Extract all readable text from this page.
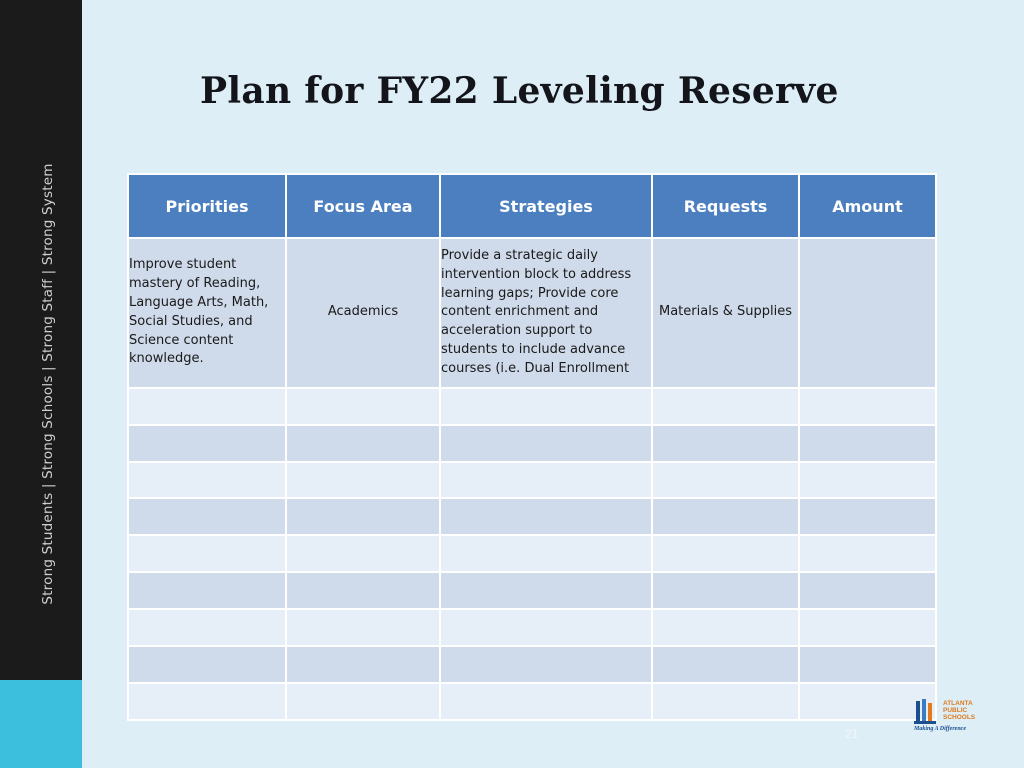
Strong Students | Strong Schools | Strong Staff | Strong System
Plan for FY22 Leveling Reserve
Priorities	Focus Area	Strategies	Requests	Amount
Improve student mastery of Reading, Language Arts, Math, Social Studies, and Science content knowledge.	Academics	Provide a strategic daily intervention block to address learning gaps; Provide core content enrichment and acceleration support to students to include advance courses (i.e. Dual Enrollment	Materials & Supplies	

ATLANTA
PUBLIC
SCHOOLS
Making A Difference
21
